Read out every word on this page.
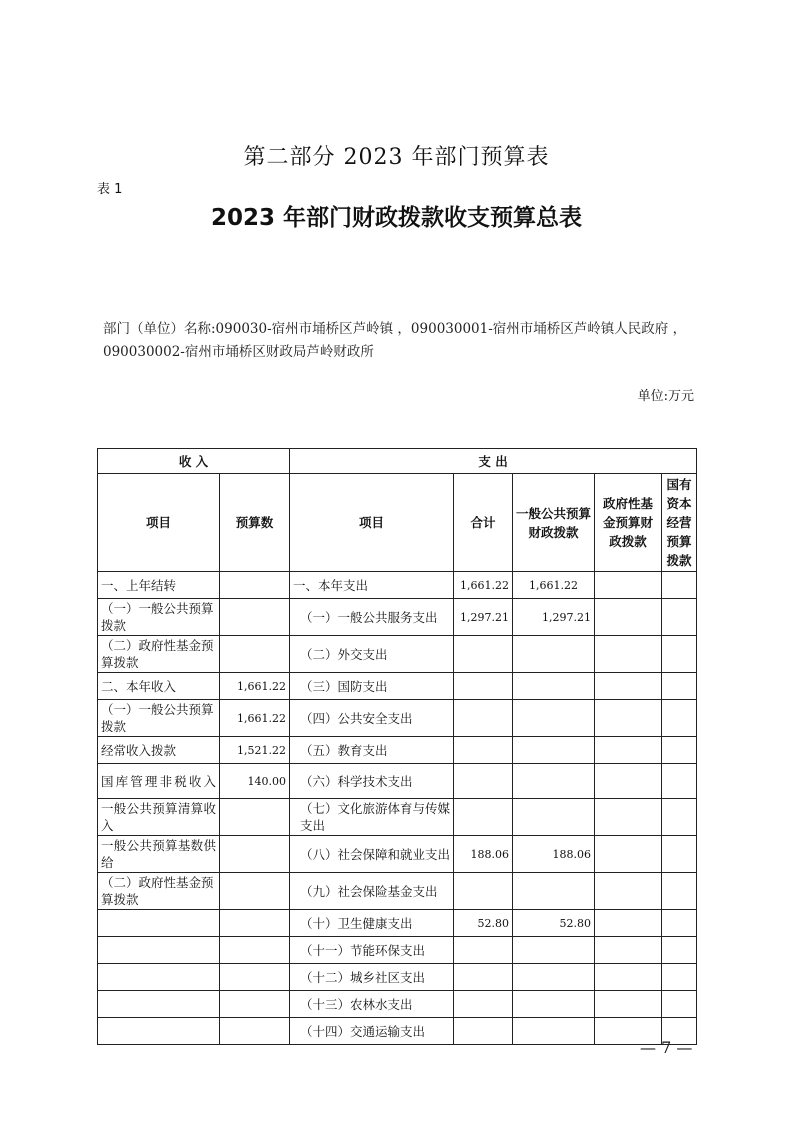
第二部分 2023 年部门预算表
表 1
2023 年部门财政拨款收支预算总表
部门（单位）名称:090030-宿州市埇桥区芦岭镇 ，090030001-宿州市埇桥区芦岭镇人民政府 ，
090030002-宿州市埇桥区财政局芦岭财政所
单位:万元
收 入		支 出				
项目	预算数	项目	合计	一般公共预算财政拨款	政府性基金预算财政拨款	国有资本经营预算拨款
一、上年结转		一、本年支出	1,661.22	1,661.22		
（一）一般公共预算拨款		（一）一般公共服务支出	1,297.21	1,297.21		
（二）政府性基金预算拨款		（二）外交支出				
二、本年收入	1,661.22	（三）国防支出				
（一）一般公共预算拨款	1,661.22	（四）公共安全支出				
经常收入拨款	1,521.22	（五）教育支出				
国库管理非税收入	140.00	（六）科学技术支出				
一般公共预算清算收入		（七）文化旅游体育与传媒支出				
一般公共预算基数供给		（八）社会保障和就业支出	188.06	188.06		
（二）政府性基金预算拨款		（九）社会保险基金支出				
		（十）卫生健康支出	52.80	52.80		
		（十一）节能环保支出				
		（十二）城乡社区支出				
		（十三）农林水支出				
		（十四）交通运输支出				
— 7 —
